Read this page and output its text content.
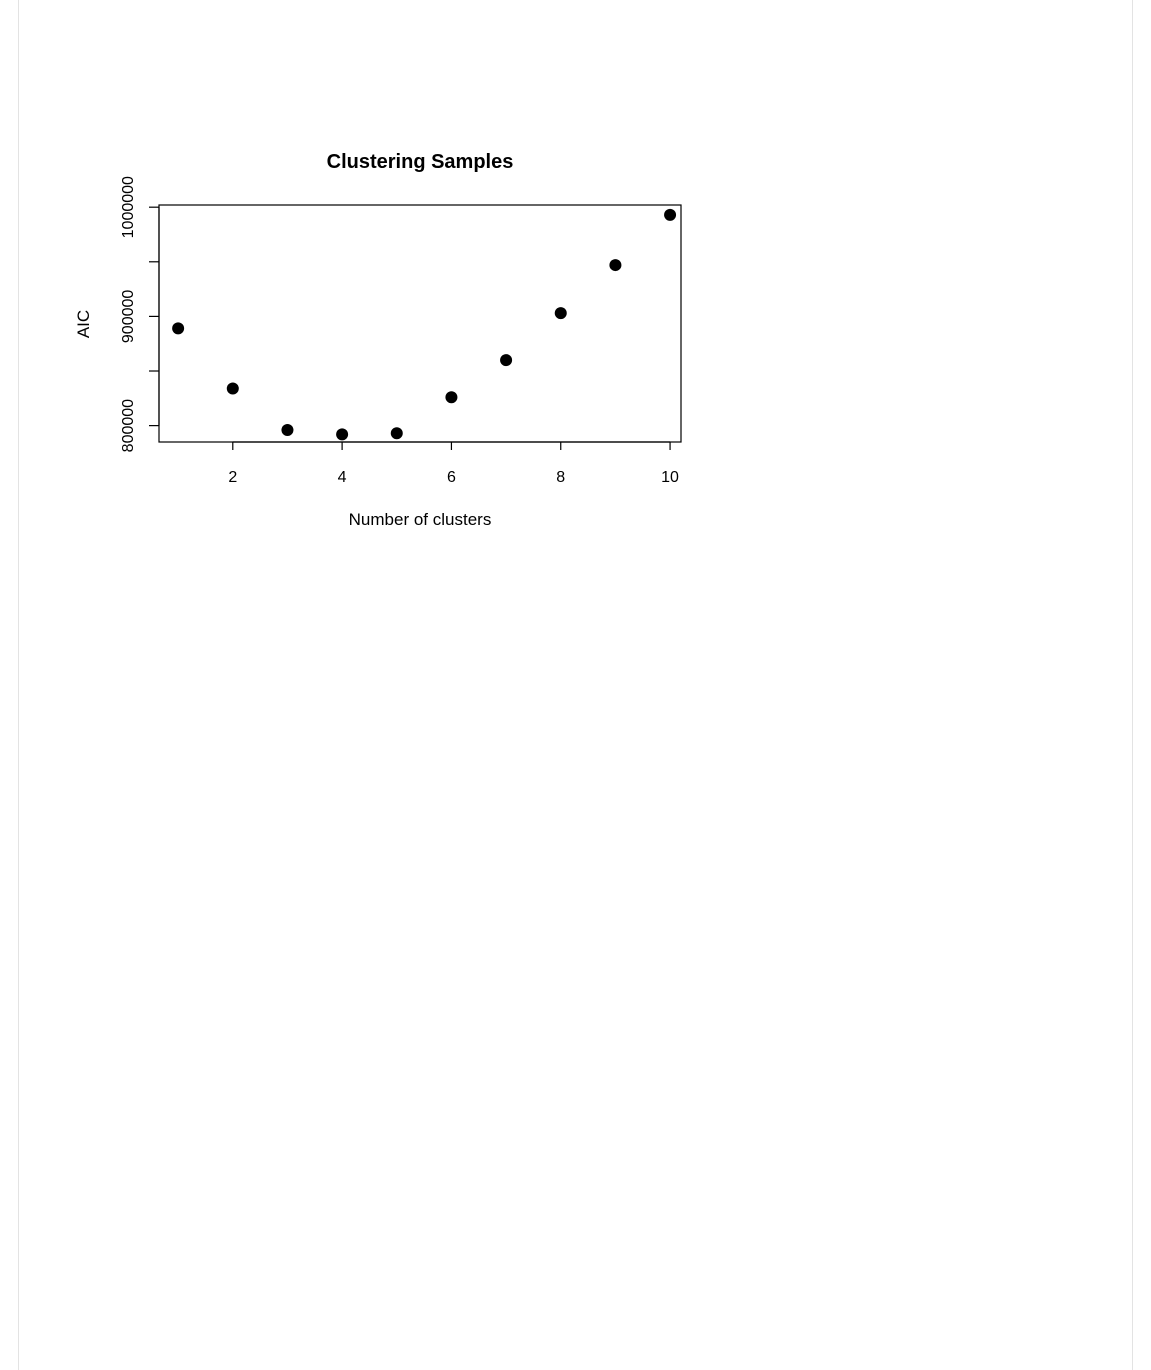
Clustering Samples
Number of clusters
AIC
2	4	6	8	10
800000
900000
1000000
